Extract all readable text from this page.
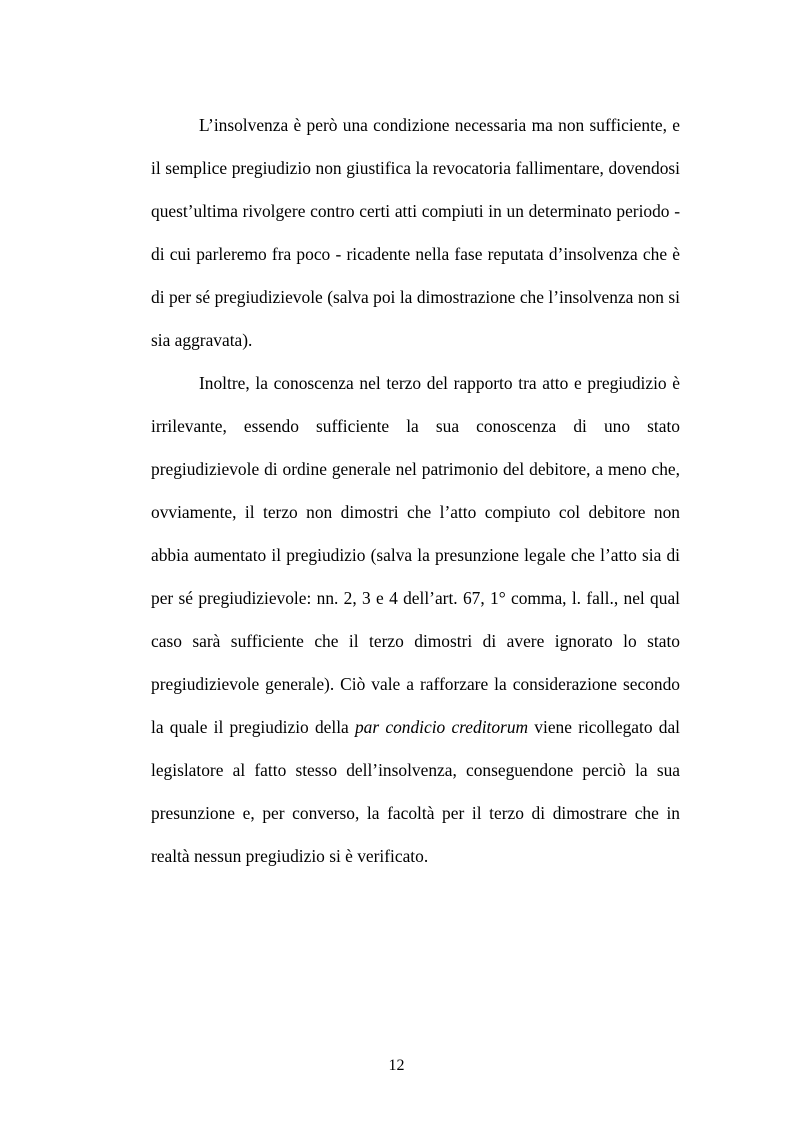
L’insolvenza è però una condizione necessaria ma non sufficiente, e il semplice pregiudizio non giustifica la revocatoria fallimentare, dovendosi quest’ultima rivolgere contro certi atti compiuti in un determinato periodo - di cui parleremo fra poco - ricadente nella fase reputata d’insolvenza che è di per sé pregiudizievole (salva poi la dimostrazione che l’insolvenza non si sia aggravata).

Inoltre, la conoscenza nel terzo del rapporto tra atto e pregiudizio è irrilevante, essendo sufficiente la sua conoscenza di uno stato pregiudizievole di ordine generale nel patrimonio del debitore, a meno che, ovviamente, il terzo non dimostri che l’atto compiuto col debitore non abbia aumentato il pregiudizio (salva la presunzione legale che l’atto sia di per sé pregiudizievole: nn. 2, 3 e 4 dell’art. 67, 1° comma, l. fall., nel qual caso sarà sufficiente che il terzo dimostri di avere ignorato lo stato pregiudizievole generale). Ciò vale a rafforzare la considerazione secondo la quale il pregiudizio della par condicio creditorum viene ricollegato dal legislatore al fatto stesso dell’insolvenza, conseguendone perciò la sua presunzione e, per converso, la facoltà per il terzo di dimostrare che in realtà nessun pregiudizio si è verificato.

12
